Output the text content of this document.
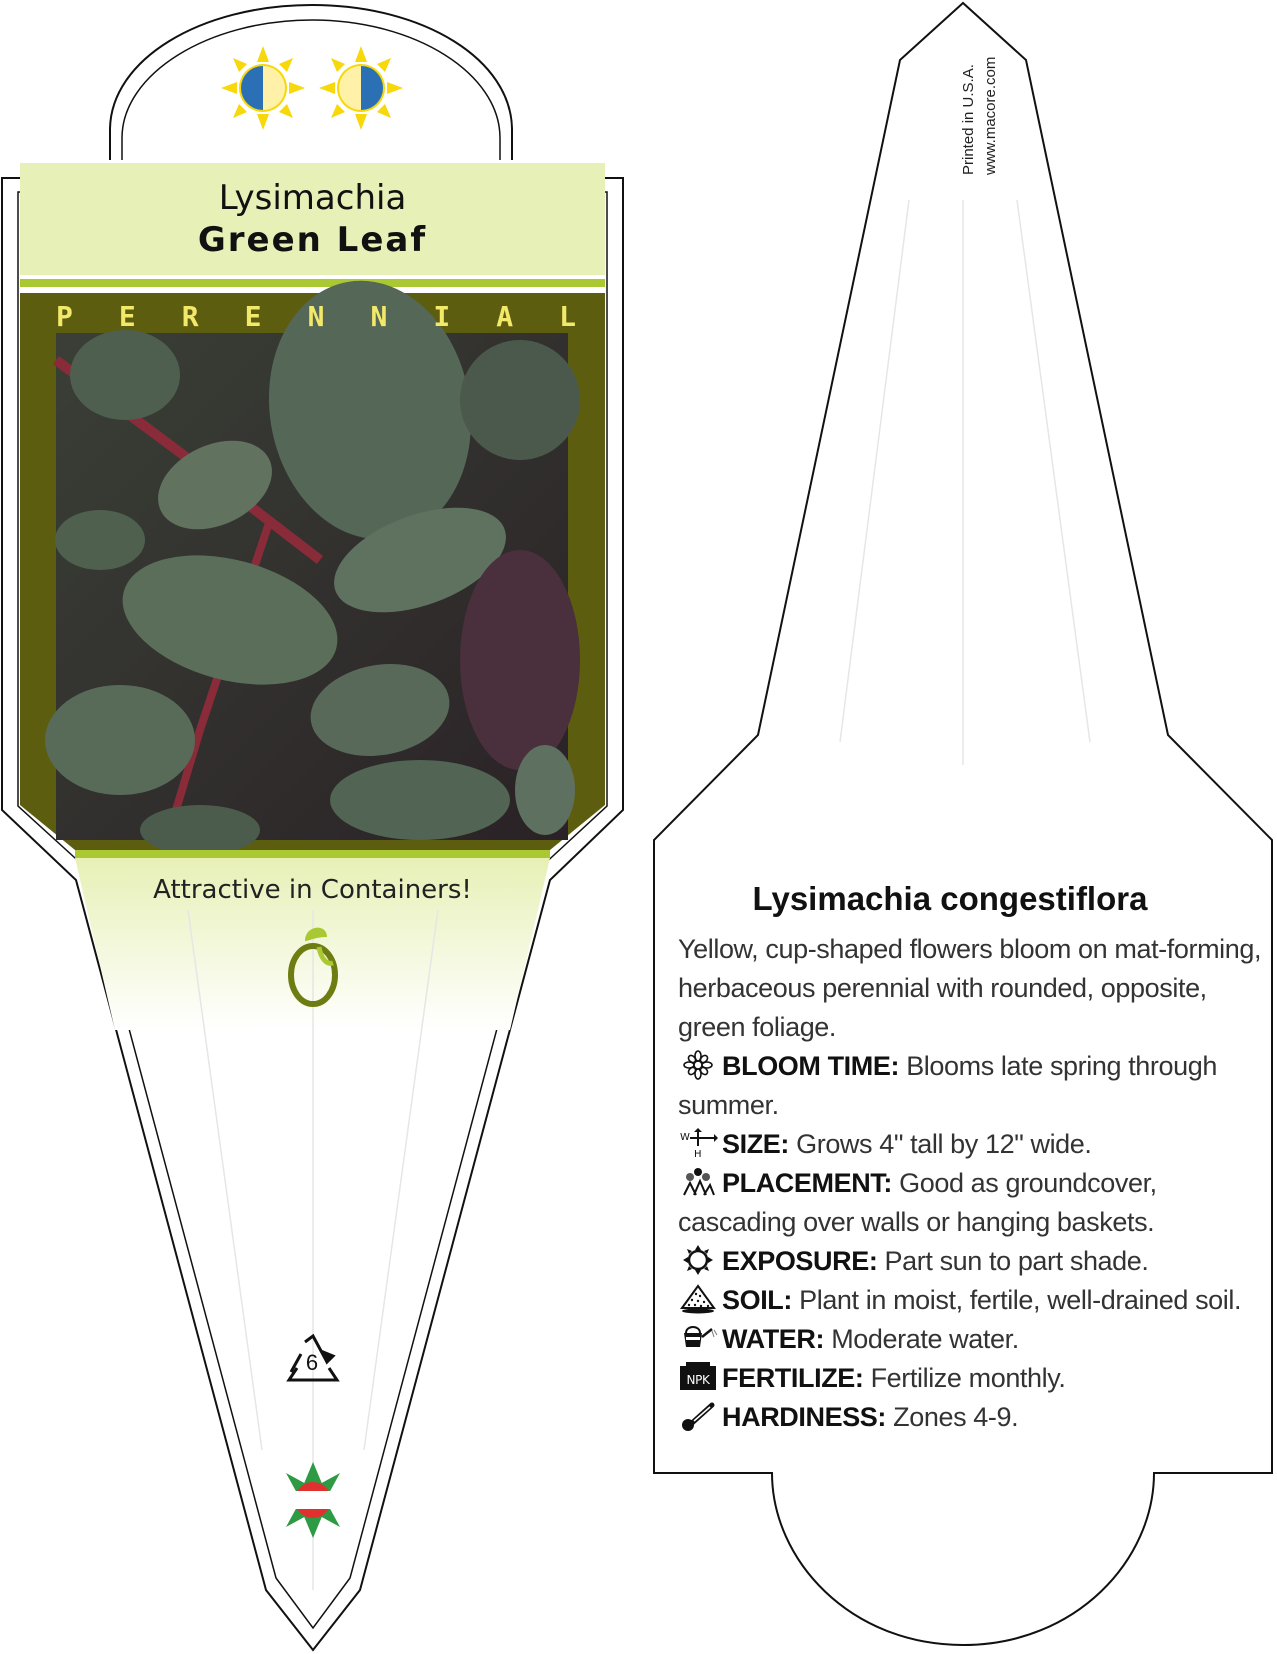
Lysimachia
Green Leaf
P E R E N N I A L
Attractive in Containers!
6
macore
Printed in U.S.A. www.macore.com
Lysimachia congestiflora

Yellow, cup-shaped flowers bloom on mat-forming, herbaceous perennial with rounded, opposite, green foliage.

BLOOM TIME: Blooms late spring through summer.

W
H SIZE: Grows 4" tall by 12" wide.

PLACEMENT: Good as groundcover, cascading over walls or hanging baskets.

EXPOSURE: Part sun to part shade.

SOIL: Plant in moist, fertile, well-drained soil.

WATER: Moderate water.

NPK FERTILIZE: Fertilize monthly.

HARDINESS: Zones 4-9.
